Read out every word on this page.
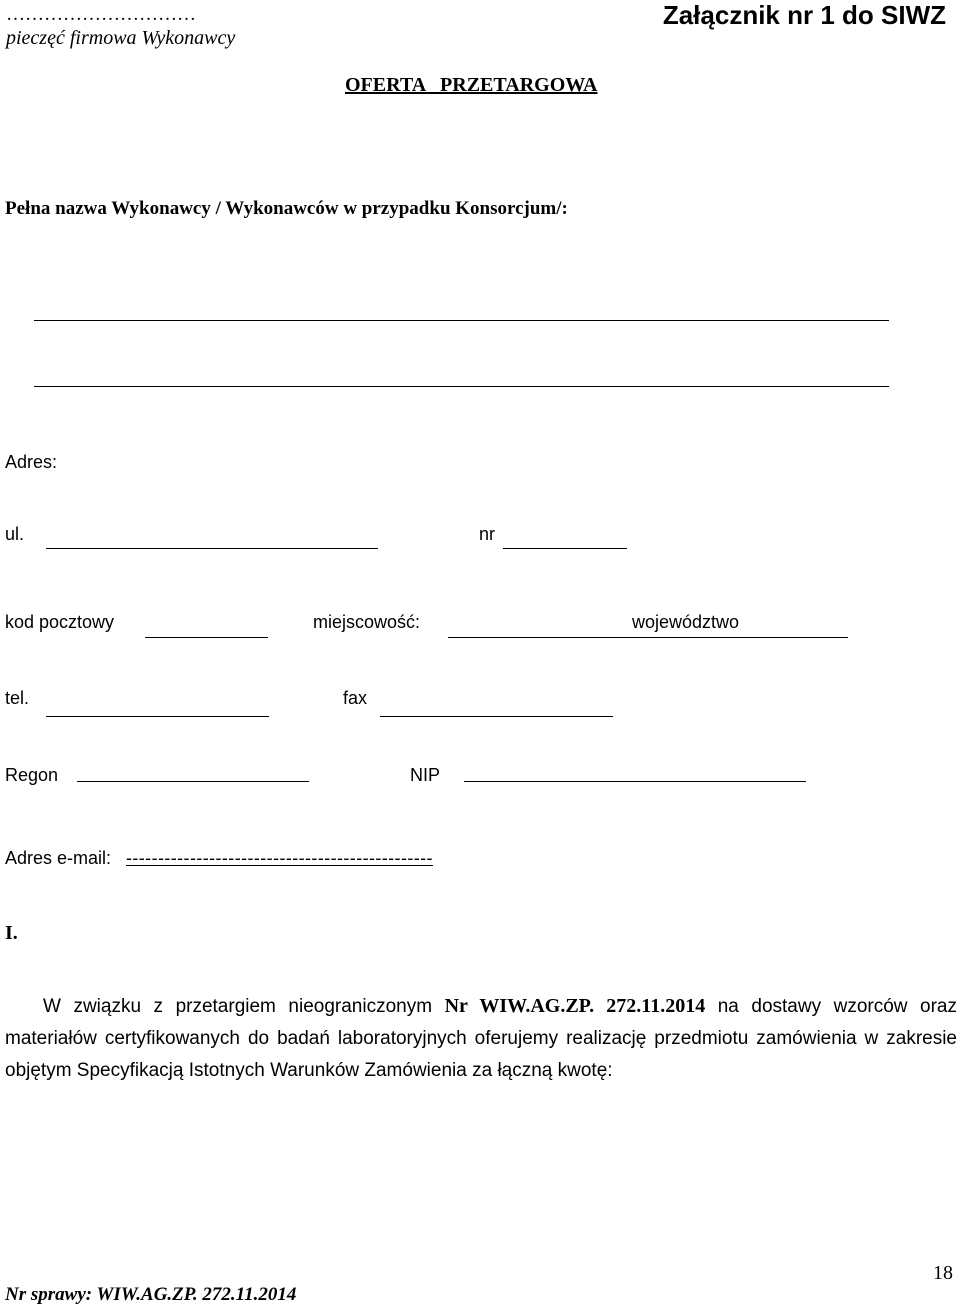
…………………………
pieczęć firmowa Wykonawcy
Załącznik nr 1 do SIWZ
OFERTA   PRZETARGOWA
Pełna nazwa Wykonawcy / Wykonawców w przypadku Konsorcjum/:
Adres:
ul.	nr
kod pocztowy	miejscowość:	województwo
tel.	fax
Regon	NIP
Adres e-mail: ------------------------------------------------
I.
W związku z przetargiem nieograniczonym Nr WIW.AG.ZP. 272.11.2014 na dostawy wzorców oraz materiałów certyfikowanych do badań laboratoryjnych oferujemy realizację przedmiotu zamówienia w zakresie objętym Specyfikacją Istotnych Warunków Zamówienia za łączną kwotę:
18
Nr sprawy: WIW.AG.ZP. 272.11.2014
